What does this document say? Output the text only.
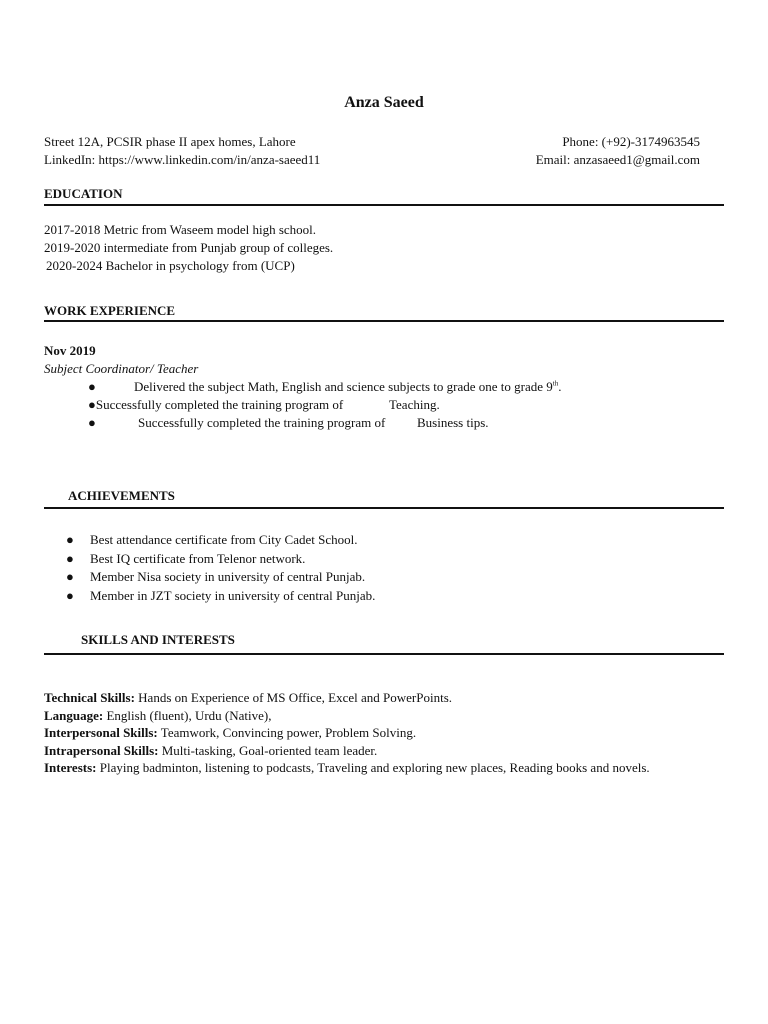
Anza Saeed
Street 12A, PCSIR phase II apex homes, Lahore	Phone: (+92)-3174963545
LinkedIn: https://www.linkedin.com/in/anza-saeed11	Email: anzasaeed1@gmail.com
EDUCATION
2017-2018 Metric from Waseem model high school.
2019-2020 intermediate from Punjab group of colleges.
2020-2024 Bachelor in psychology from (UCP)
WORK EXPERIENCE
Nov 2019
Subject Coordinator/ Teacher
●	Delivered the subject Math, English and science subjects to grade one to grade 9th.
●Successfully completed the training program of	Teaching.
●	Successfully completed the training program of Business tips.
ACHIEVEMENTS
●	Best attendance certificate from City Cadet School.
●	Best IQ certificate from Telenor network.
●	Member Nisa society in university of central Punjab.
●	Member in JZT society in university of central Punjab.
SKILLS AND INTERESTS
Technical Skills: Hands on Experience of MS Office, Excel and PowerPoints.
Language: English (fluent), Urdu (Native),
Interpersonal Skills: Teamwork, Convincing power, Problem Solving.
Intrapersonal Skills: Multi-tasking, Goal-oriented team leader.
Interests: Playing badminton, listening to podcasts, Traveling and exploring new places, Reading books and novels.
